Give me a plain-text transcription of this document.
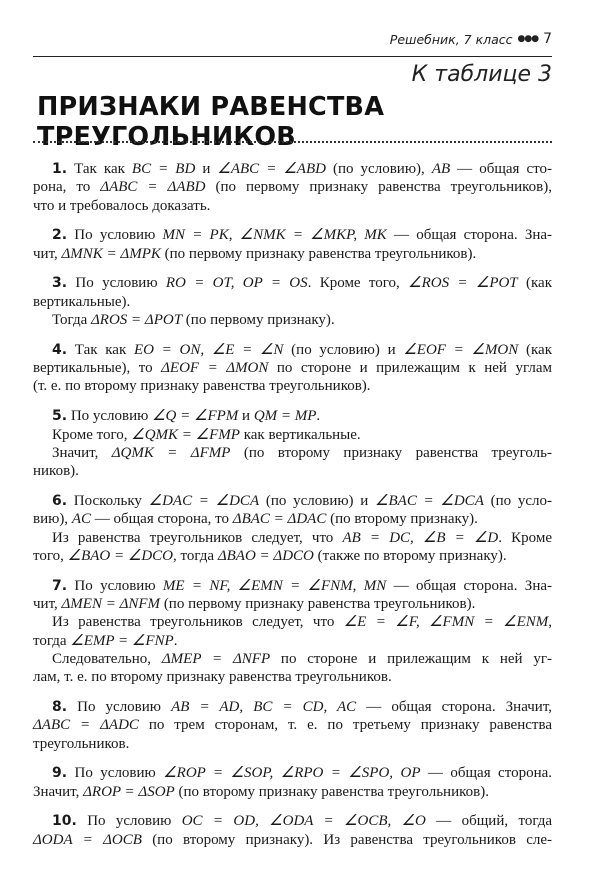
Решебник, 7 класс ●●● 7
К таблице 3
ПРИЗНАКИ РАВЕНСТВА ТРЕУГОЛЬНИКОВ
1. Так как BC = BD и ∠ABC = ∠ABD (по условию), AB — общая сто-
рона, то ΔABC = ΔABD (по первому признаку равенства треугольников),
что и требовалось доказать.
2. По условию MN = PK, ∠NMK = ∠MKP, MK — общая сторона. Зна-
чит, ΔMNK = ΔMPK (по первому признаку равенства треугольников).
3. По условию RO = OT, OP = OS. Кроме того, ∠ROS = ∠POT (как
вертикальные).
Тогда ΔROS = ΔPOT (по первому признаку).
4. Так как EO = ON, ∠E = ∠N (по условию) и ∠EOF = ∠MON (как
вертикальные), то ΔEOF = ΔMON по стороне и прилежащим к ней углам
(т. е. по второму признаку равенства треугольников).
5. По условию ∠Q = ∠FPM и QM = MP.
Кроме того, ∠QMK = ∠FMP как вертикальные.
Значит, ΔQMK = ΔFMP (по второму признаку равенства треуголь-
ников).
6. Поскольку ∠DAC = ∠DCA (по условию) и ∠BAC = ∠DCA (по усло-
вию), AC — общая сторона, то ΔBAC = ΔDAC (по второму признаку).
Из равенства треугольников следует, что AB = DC, ∠B = ∠D. Кроме
того, ∠BAO = ∠DCO, тогда ΔBAO = ΔDCO (также по второму признаку).
7. По условию ME = NF, ∠EMN = ∠FNM, MN — общая сторона. Зна-
чит, ΔMEN = ΔNFM (по первому признаку равенства треугольников).
Из равенства треугольников следует, что ∠E = ∠F, ∠FMN = ∠ENM,
тогда ∠EMP = ∠FNP.
Следовательно, ΔMEP = ΔNFP по стороне и прилежащим к ней уг-
лам, т. е. по второму признаку равенства треугольников.
8. По условию AB = AD, BC = CD, AC — общая сторона. Значит,
ΔABC = ΔADC по трем сторонам, т. е. по третьему признаку равенства
треугольников.
9. По условию ∠ROP = ∠SOP, ∠RPO = ∠SPO, OP — общая сторона.
Значит, ΔROP = ΔSOP (по второму признаку равенства треугольников).
10. По условию OC = OD, ∠ODA = ∠OCB, ∠O — общий, тогда
ΔODA = ΔOCB (по второму признаку). Из равенства треугольников сле-
